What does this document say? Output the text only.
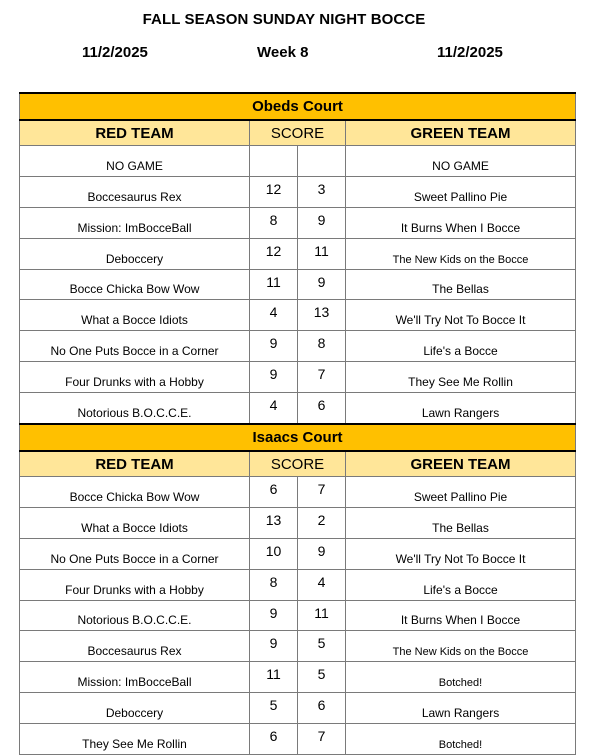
FALL SEASON SUNDAY NIGHT BOCCE
11/2/2025	Week 8	11/2/2025
Obeds Court			
RED TEAM	SCORE		GREEN TEAM
NO GAME			NO GAME
Boccesaurus Rex	12	3	Sweet Pallino Pie
Mission: ImBocceBall	8	9	It Burns When I Bocce
Deboccery	12	11	The New Kids on the Bocce
Bocce Chicka Bow Wow	11	9	The Bellas
What a Bocce Idiots	4	13	We'll Try Not To Bocce It
No One Puts Bocce in a Corner	9	8	Life's a Bocce
Four Drunks with a Hobby	9	7	They See Me Rollin
Notorious B.O.C.C.E.	4	6	Lawn Rangers
Isaacs Court			
RED TEAM	SCORE		GREEN TEAM
Bocce Chicka Bow Wow	6	7	Sweet Pallino Pie
What a Bocce Idiots	13	2	The Bellas
No One Puts Bocce in a Corner	10	9	We'll Try Not To Bocce It
Four Drunks with a Hobby	8	4	Life's a Bocce
Notorious B.O.C.C.E.	9	11	It Burns When I Bocce
Boccesaurus Rex	9	5	The New Kids on the Bocce
Mission: ImBocceBall	11	5	Botched!
Deboccery	5	6	Lawn Rangers
They See Me Rollin	6	7	Botched!
